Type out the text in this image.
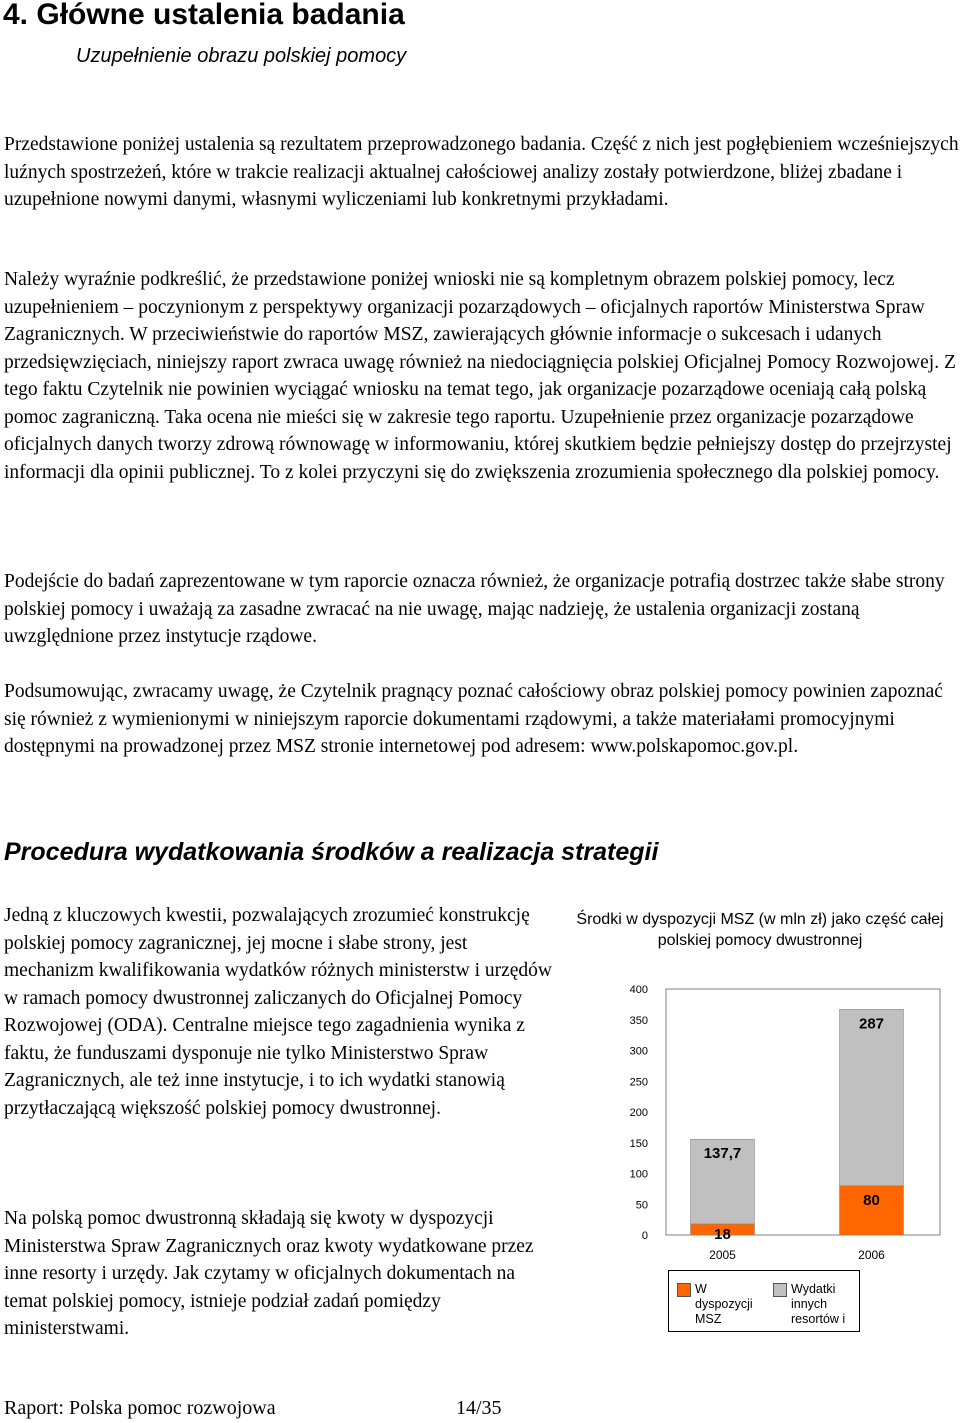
4. Główne ustalenia badania

Uzupełnienie obrazu polskiej pomocy

Przedstawione poniżej ustalenia są rezultatem przeprowadzonego badania. Część z nich jest pogłębieniem wcześniejszych luźnych spostrzeżeń, które w trakcie realizacji aktualnej całościowej analizy zostały potwierdzone, bliżej zbadane i uzupełnione nowymi danymi, własnymi wyliczeniami lub konkretnymi przykładami.

Należy wyraźnie podkreślić, że przedstawione poniżej wnioski nie są kompletnym obrazem polskiej pomocy, lecz uzupełnieniem – poczynionym z perspektywy organizacji pozarządowych – oficjalnych raportów Ministerstwa Spraw Zagranicznych. W przeciwieństwie do raportów MSZ, zawierających głównie informacje o sukcesach i udanych przedsięwzięciach, niniejszy raport zwraca uwagę również na niedociągnięcia polskiej Oficjalnej Pomocy Rozwojowej. Z tego faktu Czytelnik nie powinien wyciągać wniosku na temat tego, jak organizacje pozarządowe oceniają całą polską pomoc zagraniczną. Taka ocena nie mieści się w zakresie tego raportu. Uzupełnienie przez organizacje pozarządowe oficjalnych danych tworzy zdrową równowagę w informowaniu, której skutkiem będzie pełniejszy dostęp do przejrzystej informacji dla opinii publicznej. To z kolei przyczyni się do zwiększenia zrozumienia społecznego dla polskiej pomocy.

Podejście do badań zaprezentowane w tym raporcie oznacza również, że organizacje potrafią dostrzec także słabe strony polskiej pomocy i uważają za zasadne zwracać na nie uwagę, mając nadzieję, że ustalenia organizacji zostaną uwzględnione przez instytucje rządowe.

Podsumowując, zwracamy uwagę, że Czytelnik pragnący poznać całościowy obraz polskiej pomocy powinien zapoznać się również z wymienionymi w niniejszym raporcie dokumentami rządowymi, a także materiałami promocyjnymi dostępnymi na prowadzonej przez MSZ stronie internetowej pod adresem: www.polskapomoc.gov.pl.

Procedura wydatkowania środków a realizacja strategii

Jedną z kluczowych kwestii, pozwalających zrozumieć konstrukcję polskiej pomocy zagranicznej, jej mocne i słabe strony, jest mechanizm kwalifikowania wydatków różnych ministerstw i urzędów w ramach pomocy dwustronnej zaliczanych do Oficjalnej Pomocy Rozwojowej (ODA). Centralne miejsce tego zagadnienia wynika z faktu, że funduszami dysponuje nie tylko Ministerstwo Spraw Zagranicznych, ale też inne instytucje, i to ich wydatki stanowią przytłaczającą większość polskiej pomocy dwustronnej.

Na polską pomoc dwustronną składają się kwoty w dyspozycji Ministerstwa Spraw Zagranicznych oraz kwoty wydatkowane przez inne resorty i urzędy. Jak czytamy w oficjalnych dokumentach na temat polskiej pomocy, istnieje podział zadań pomiędzy ministerstwami.

0
50
100
150
200
250
300
350
400
18
137,7
2005
80
287
2006

Środki w dyspozycji MSZ (w mln zł) jako część całej polskiej pomocy dwustronnej

W dyspozycji MSZ
Wydatki innych resortów i

Raport: Polska pomoc rozwojowa	14/35
